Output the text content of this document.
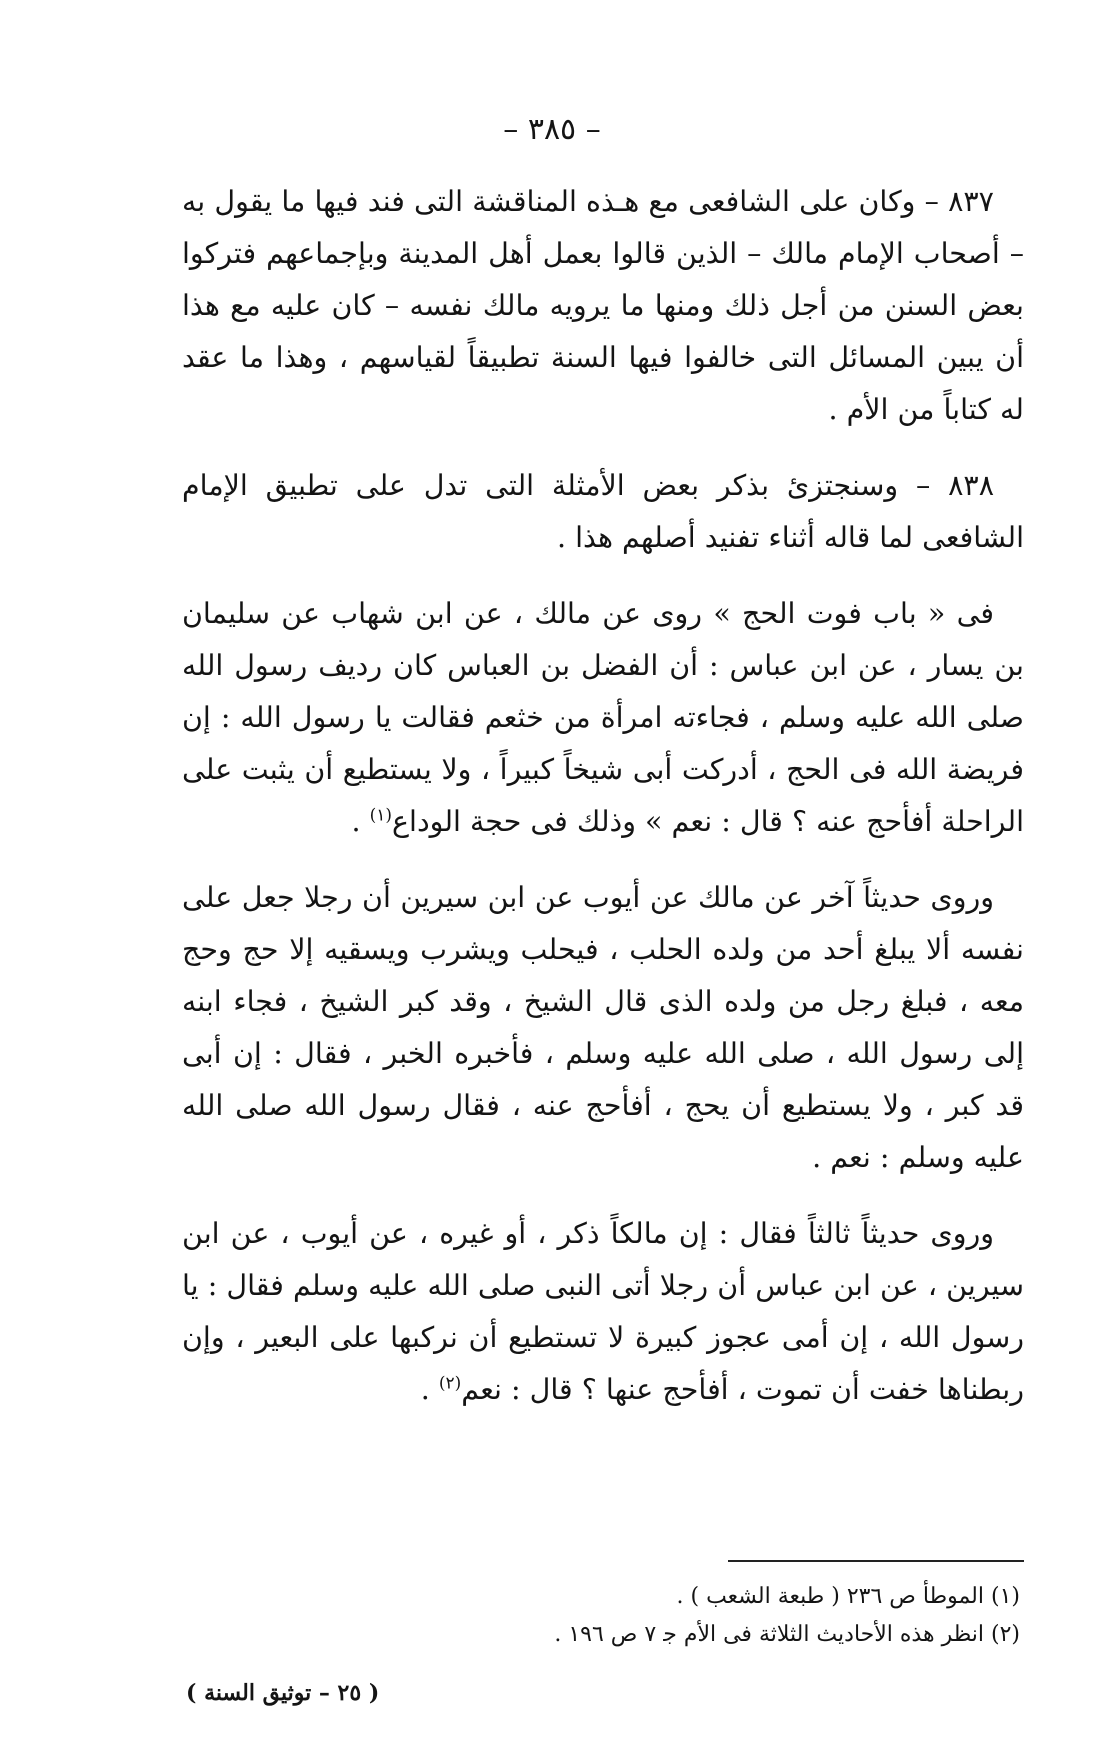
– ٣٨٥ –

٨٣٧ – وكان على الشافعى مع هـذه المناقشة التى فند فيها ما يقول به – أصحاب الإمام مالك – الذين قالوا بعمل أهل المدينة وبإجماعهم فتركوا بعض السنن من أجل ذلك ومنها ما يرويه مالك نفسه – كان عليه مع هذا أن يبين المسائل التى خالفوا فيها السنة تطبيقاً لقياسهم ، وهذا ما عقد له كتاباً من الأم .

٨٣٨ – وسنجتزئ بذكر بعض الأمثلة التى تدل على تطبيق الإمام الشافعى لما قاله أثناء تفنيد أصلهم هذا .

فى « باب فوت الحج » روى عن مالك ، عن ابن شهاب عن سليمان بن يسار ، عن ابن عباس : أن الفضل بن العباس كان رديف رسول الله صلى الله عليه وسلم ، فجاءته امرأة من خثعم فقالت يا رسول الله : إن فريضة الله فى الحج ، أدركت أبى شيخاً كبيراً ، ولا يستطيع أن يثبت على الراحلة أفأحج عنه ؟ قال : نعم » وذلك فى حجة الوداع$^{(١)}$ .

وروى حديثاً آخر عن مالك عن أيوب عن ابن سيرين أن رجلا جعل على نفسه ألا يبلغ أحد من ولده الحلب ، فيحلب ويشرب ويسقيه إلا حج وحج معه ، فبلغ رجل من ولده الذى قال الشيخ ، وقد كبر الشيخ ، فجاء ابنه إلى رسول الله ، صلى الله عليه وسلم ، فأخبره الخبر ، فقال : إن أبى قد كبر ، ولا يستطيع أن يحج ، أفأحج عنه ، فقال رسول الله صلى الله عليه وسلم : نعم .

وروى حديثاً ثالثاً فقال : إن مالكاً ذكر ، أو غيره ، عن أيوب ، عن ابن سيرين ، عن ابن عباس أن رجلا أتى النبى صلى الله عليه وسلم فقال : يا رسول الله ، إن أمى عجوز كبيرة لا تستطيع أن نركبها على البعير ، وإن ربطناها خفت أن تموت ، أفأحج عنها ؟ قال : نعم$^{(٢)}$ .

(١) الموطأ ص ٢٣٦ ( طبعة الشعب ) .

(٢) انظر هذه الأحاديث الثلاثة فى الأم ﺟ ٧ ص ١٩٦ .

( ٢٥ – توثيق السنة )
